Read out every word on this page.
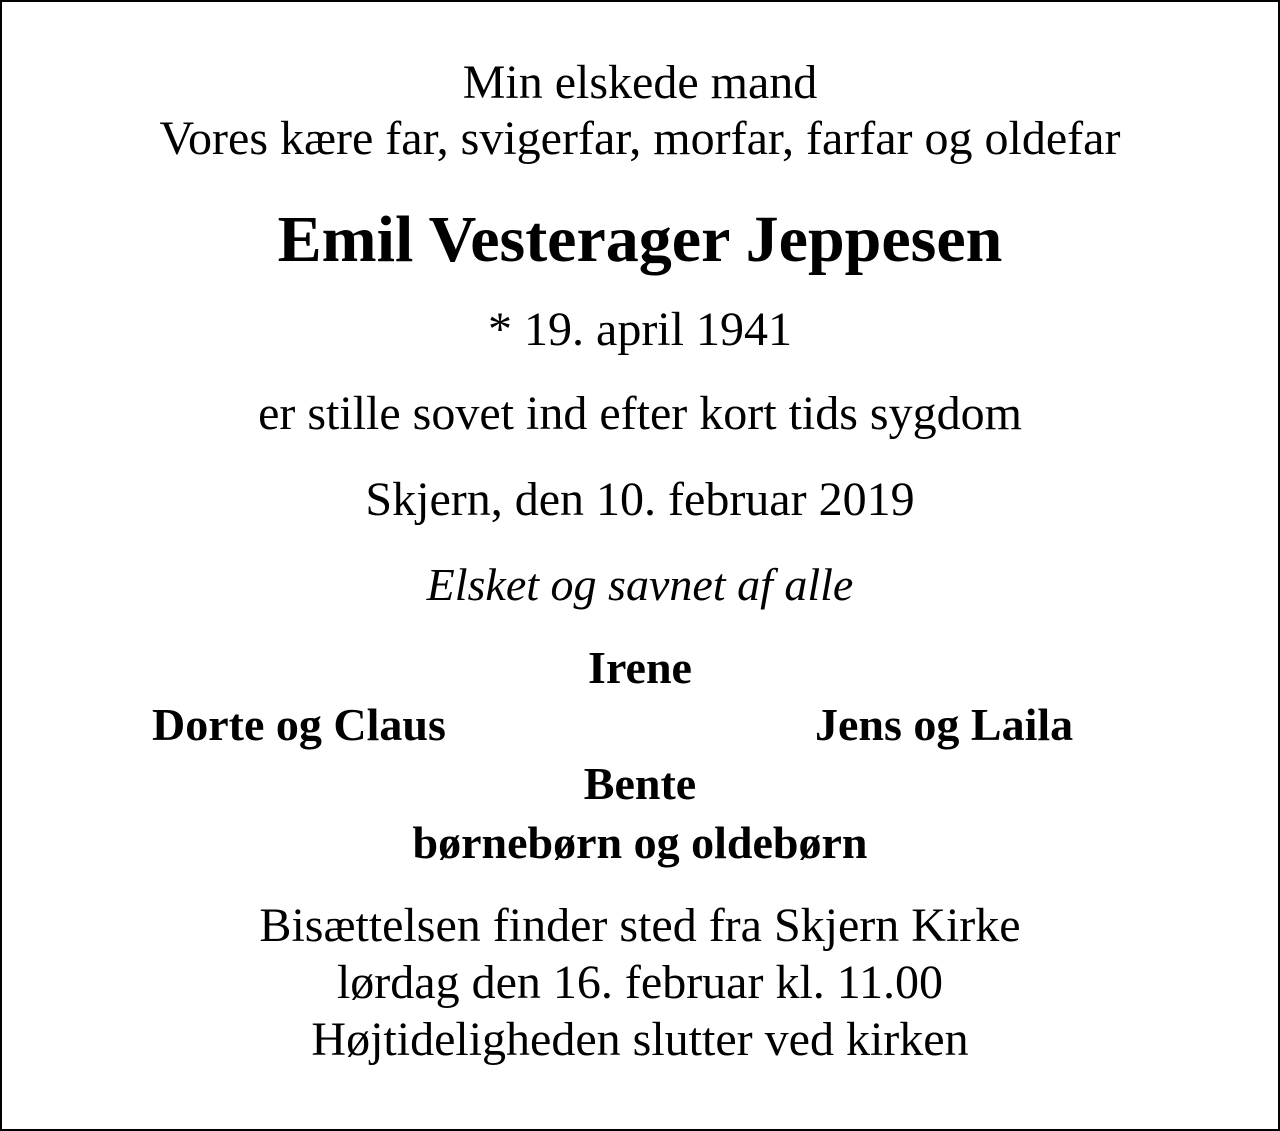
Min elskede mand
Vores kære far, svigerfar, morfar, farfar og oldefar
Emil Vesterager Jeppesen
* 19. april 1941
er stille sovet ind efter kort tids sygdom
Skjern, den 10. februar 2019
Elsket og savnet af alle
Irene
Dorte og Claus	Jens og Laila
Bente
børnebørn og oldebørn
Bisættelsen finder sted fra Skjern Kirke
lørdag den 16. februar kl. 11.00
Højtideligheden slutter ved kirken
